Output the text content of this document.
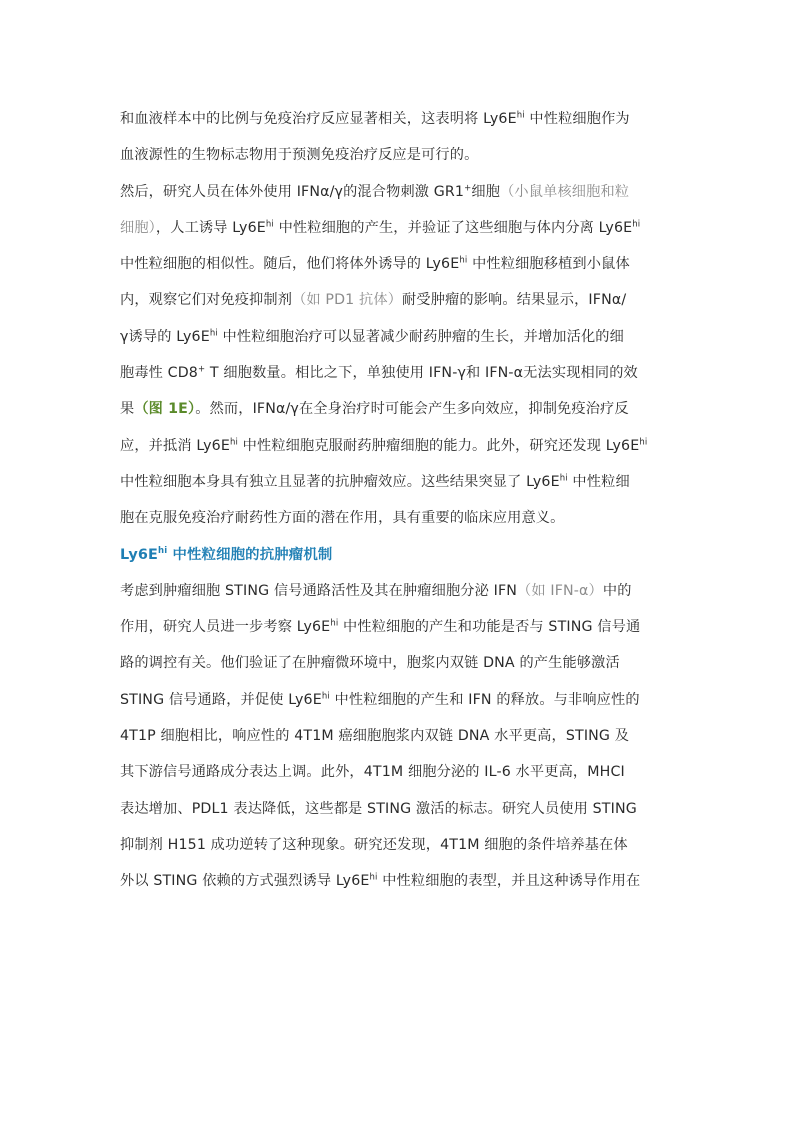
和血液样本中的比例与免疫治疗反应显著相关，这表明将 $Ly6E^{hi}$ 中性粒细胞作为
血液源性的生物标志物用于预测免疫治疗反应是可行的。
然后，研究人员在体外使用 IFNα/γ的混合物刺激 GR1+细胞（小鼠单核细胞和粒
细胞），人工诱导 $Ly6E^{hi}$ 中性粒细胞的产生，并验证了这些细胞与体内分离 $Ly6E^{hi}$
中性粒细胞的相似性。随后，他们将体外诱导的 $Ly6E^{hi}$ 中性粒细胞移植到小鼠体
内，观察它们对免疫抑制剂（如 PD1 抗体）耐受肿瘤的影响。结果显示，IFNα/
γ诱导的 $Ly6E^{hi}$ 中性粒细胞治疗可以显著减少耐药肿瘤的生长，并增加活化的细
胞毒性 CD8+ T 细胞数量。相比之下，单独使用 IFN-γ和 IFN-α无法实现相同的效
果（图 1E）。然而，IFNα/γ在全身治疗时可能会产生多向效应，抑制免疫治疗反
应，并抵消 $Ly6E^{hi}$ 中性粒细胞克服耐药肿瘤细胞的能力。此外，研究还发现 $Ly6E^{hi}$
中性粒细胞本身具有独立且显著的抗肿瘤效应。这些结果突显了 $Ly6E^{hi}$ 中性粒细
胞在克服免疫治疗耐药性方面的潜在作用，具有重要的临床应用意义。
$Ly6E^{hi}$ 中性粒细胞的抗肿瘤机制
考虑到肿瘤细胞 STING 信号通路活性及其在肿瘤细胞分泌 IFN（如 IFN-α）中的
作用，研究人员进一步考察 $Ly6E^{hi}$ 中性粒细胞的产生和功能是否与 STING 信号通
路的调控有关。他们验证了在肿瘤微环境中，胞浆内双链 DNA 的产生能够激活
STING 信号通路，并促使 $Ly6E^{hi}$ 中性粒细胞的产生和 IFN 的释放。与非响应性的
4T1P 细胞相比，响应性的 4T1M 癌细胞胞浆内双链 DNA 水平更高，STING 及
其下游信号通路成分表达上调。此外，4T1M 细胞分泌的 IL-6 水平更高，MHCI
表达增加、PDL1 表达降低，这些都是 STING 激活的标志。研究人员使用 STING
抑制剂 H151 成功逆转了这种现象。研究还发现，4T1M 细胞的条件培养基在体
外以 STING 依赖的方式强烈诱导 $Ly6E^{hi}$ 中性粒细胞的表型，并且这种诱导作用在
